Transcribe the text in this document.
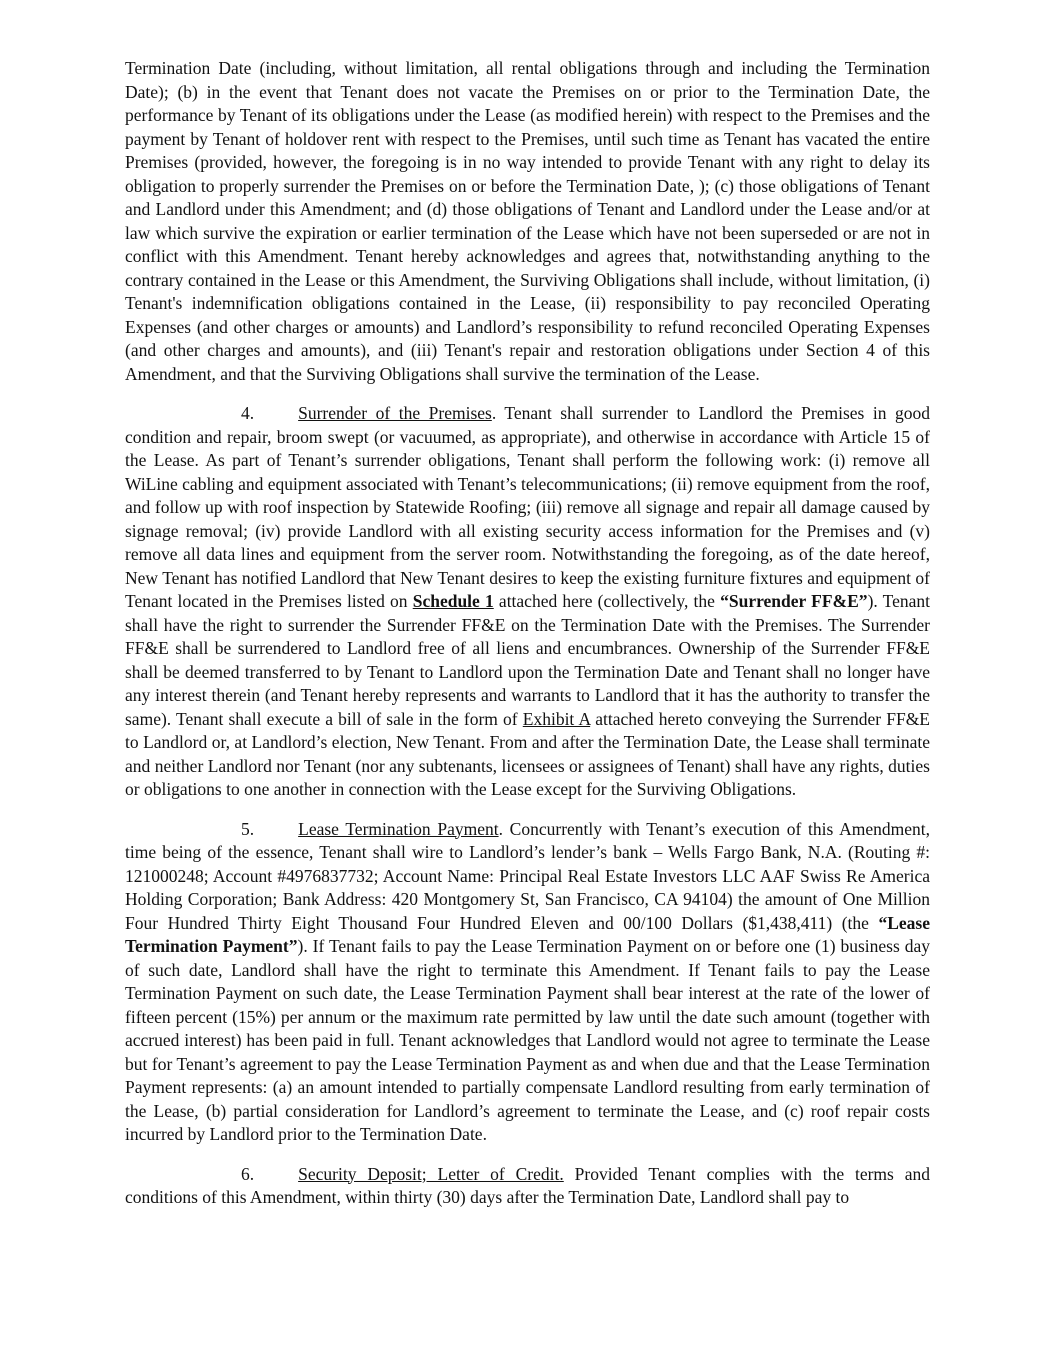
Termination Date (including, without limitation, all rental obligations through and including the Termination Date); (b) in the event that Tenant does not vacate the Premises on or prior to the Termination Date, the performance by Tenant of its obligations under the Lease (as modified herein) with respect to the Premises and the payment by Tenant of holdover rent with respect to the Premises, until such time as Tenant has vacated the entire Premises (provided, however, the foregoing is in no way intended to provide Tenant with any right to delay its obligation to properly surrender the Premises on or before the Termination Date, ); (c) those obligations of Tenant and Landlord under this Amendment; and (d) those obligations of Tenant and Landlord under the Lease and/or at law which survive the expiration or earlier termination of the Lease which have not been superseded or are not in conflict with this Amendment. Tenant hereby acknowledges and agrees that, notwithstanding anything to the contrary contained in the Lease or this Amendment, the Surviving Obligations shall include, without limitation, (i) Tenant's indemnification obligations contained in the Lease, (ii) responsibility to pay reconciled Operating Expenses (and other charges or amounts) and Landlord’s responsibility to refund reconciled Operating Expenses (and other charges and amounts), and (iii) Tenant's repair and restoration obligations under Section 4 of this Amendment, and that the Surviving Obligations shall survive the termination of the Lease.

4.	Surrender of the Premises. Tenant shall surrender to Landlord the Premises in good condition and repair, broom swept (or vacuumed, as appropriate), and otherwise in accordance with Article 15 of the Lease. As part of Tenant’s surrender obligations, Tenant shall perform the following work: (i) remove all WiLine cabling and equipment associated with Tenant’s telecommunications; (ii) remove equipment from the roof, and follow up with roof inspection by Statewide Roofing; (iii) remove all signage and repair all damage caused by signage removal; (iv) provide Landlord with all existing security access information for the Premises and (v) remove all data lines and equipment from the server room. Notwithstanding the foregoing, as of the date hereof, New Tenant has notified Landlord that New Tenant desires to keep the existing furniture fixtures and equipment of Tenant located in the Premises listed on Schedule 1 attached here (collectively, the “Surrender FF&E”). Tenant shall have the right to surrender the Surrender FF&E on the Termination Date with the Premises. The Surrender FF&E shall be surrendered to Landlord free of all liens and encumbrances. Ownership of the Surrender FF&E shall be deemed transferred to by Tenant to Landlord upon the Termination Date and Tenant shall no longer have any interest therein (and Tenant hereby represents and warrants to Landlord that it has the authority to transfer the same). Tenant shall execute a bill of sale in the form of Exhibit A attached hereto conveying the Surrender FF&E to Landlord or, at Landlord’s election, New Tenant. From and after the Termination Date, the Lease shall terminate and neither Landlord nor Tenant (nor any subtenants, licensees or assignees of Tenant) shall have any rights, duties or obligations to one another in connection with the Lease except for the Surviving Obligations.

5.	Lease Termination Payment. Concurrently with Tenant’s execution of this Amendment, time being of the essence, Tenant shall wire to Landlord’s lender’s bank – Wells Fargo Bank, N.A. (Routing #: 121000248; Account #4976837732; Account Name: Principal Real Estate Investors LLC AAF Swiss Re America Holding Corporation; Bank Address: 420 Montgomery St, San Francisco, CA 94104) the amount of One Million Four Hundred Thirty Eight Thousand Four Hundred Eleven and 00/100 Dollars ($1,438,411) (the “Lease Termination Payment”). If Tenant fails to pay the Lease Termination Payment on or before one (1) business day of such date, Landlord shall have the right to terminate this Amendment. If Tenant fails to pay the Lease Termination Payment on such date, the Lease Termination Payment shall bear interest at the rate of the lower of fifteen percent (15%) per annum or the maximum rate permitted by law until the date such amount (together with accrued interest) has been paid in full. Tenant acknowledges that Landlord would not agree to terminate the Lease but for Tenant’s agreement to pay the Lease Termination Payment as and when due and that the Lease Termination Payment represents: (a) an amount intended to partially compensate Landlord resulting from early termination of the Lease, (b) partial consideration for Landlord’s agreement to terminate the Lease, and (c) roof repair costs incurred by Landlord prior to the Termination Date.

6.	Security Deposit; Letter of Credit. Provided Tenant complies with the terms and conditions of this Amendment, within thirty (30) days after the Termination Date, Landlord shall pay to
